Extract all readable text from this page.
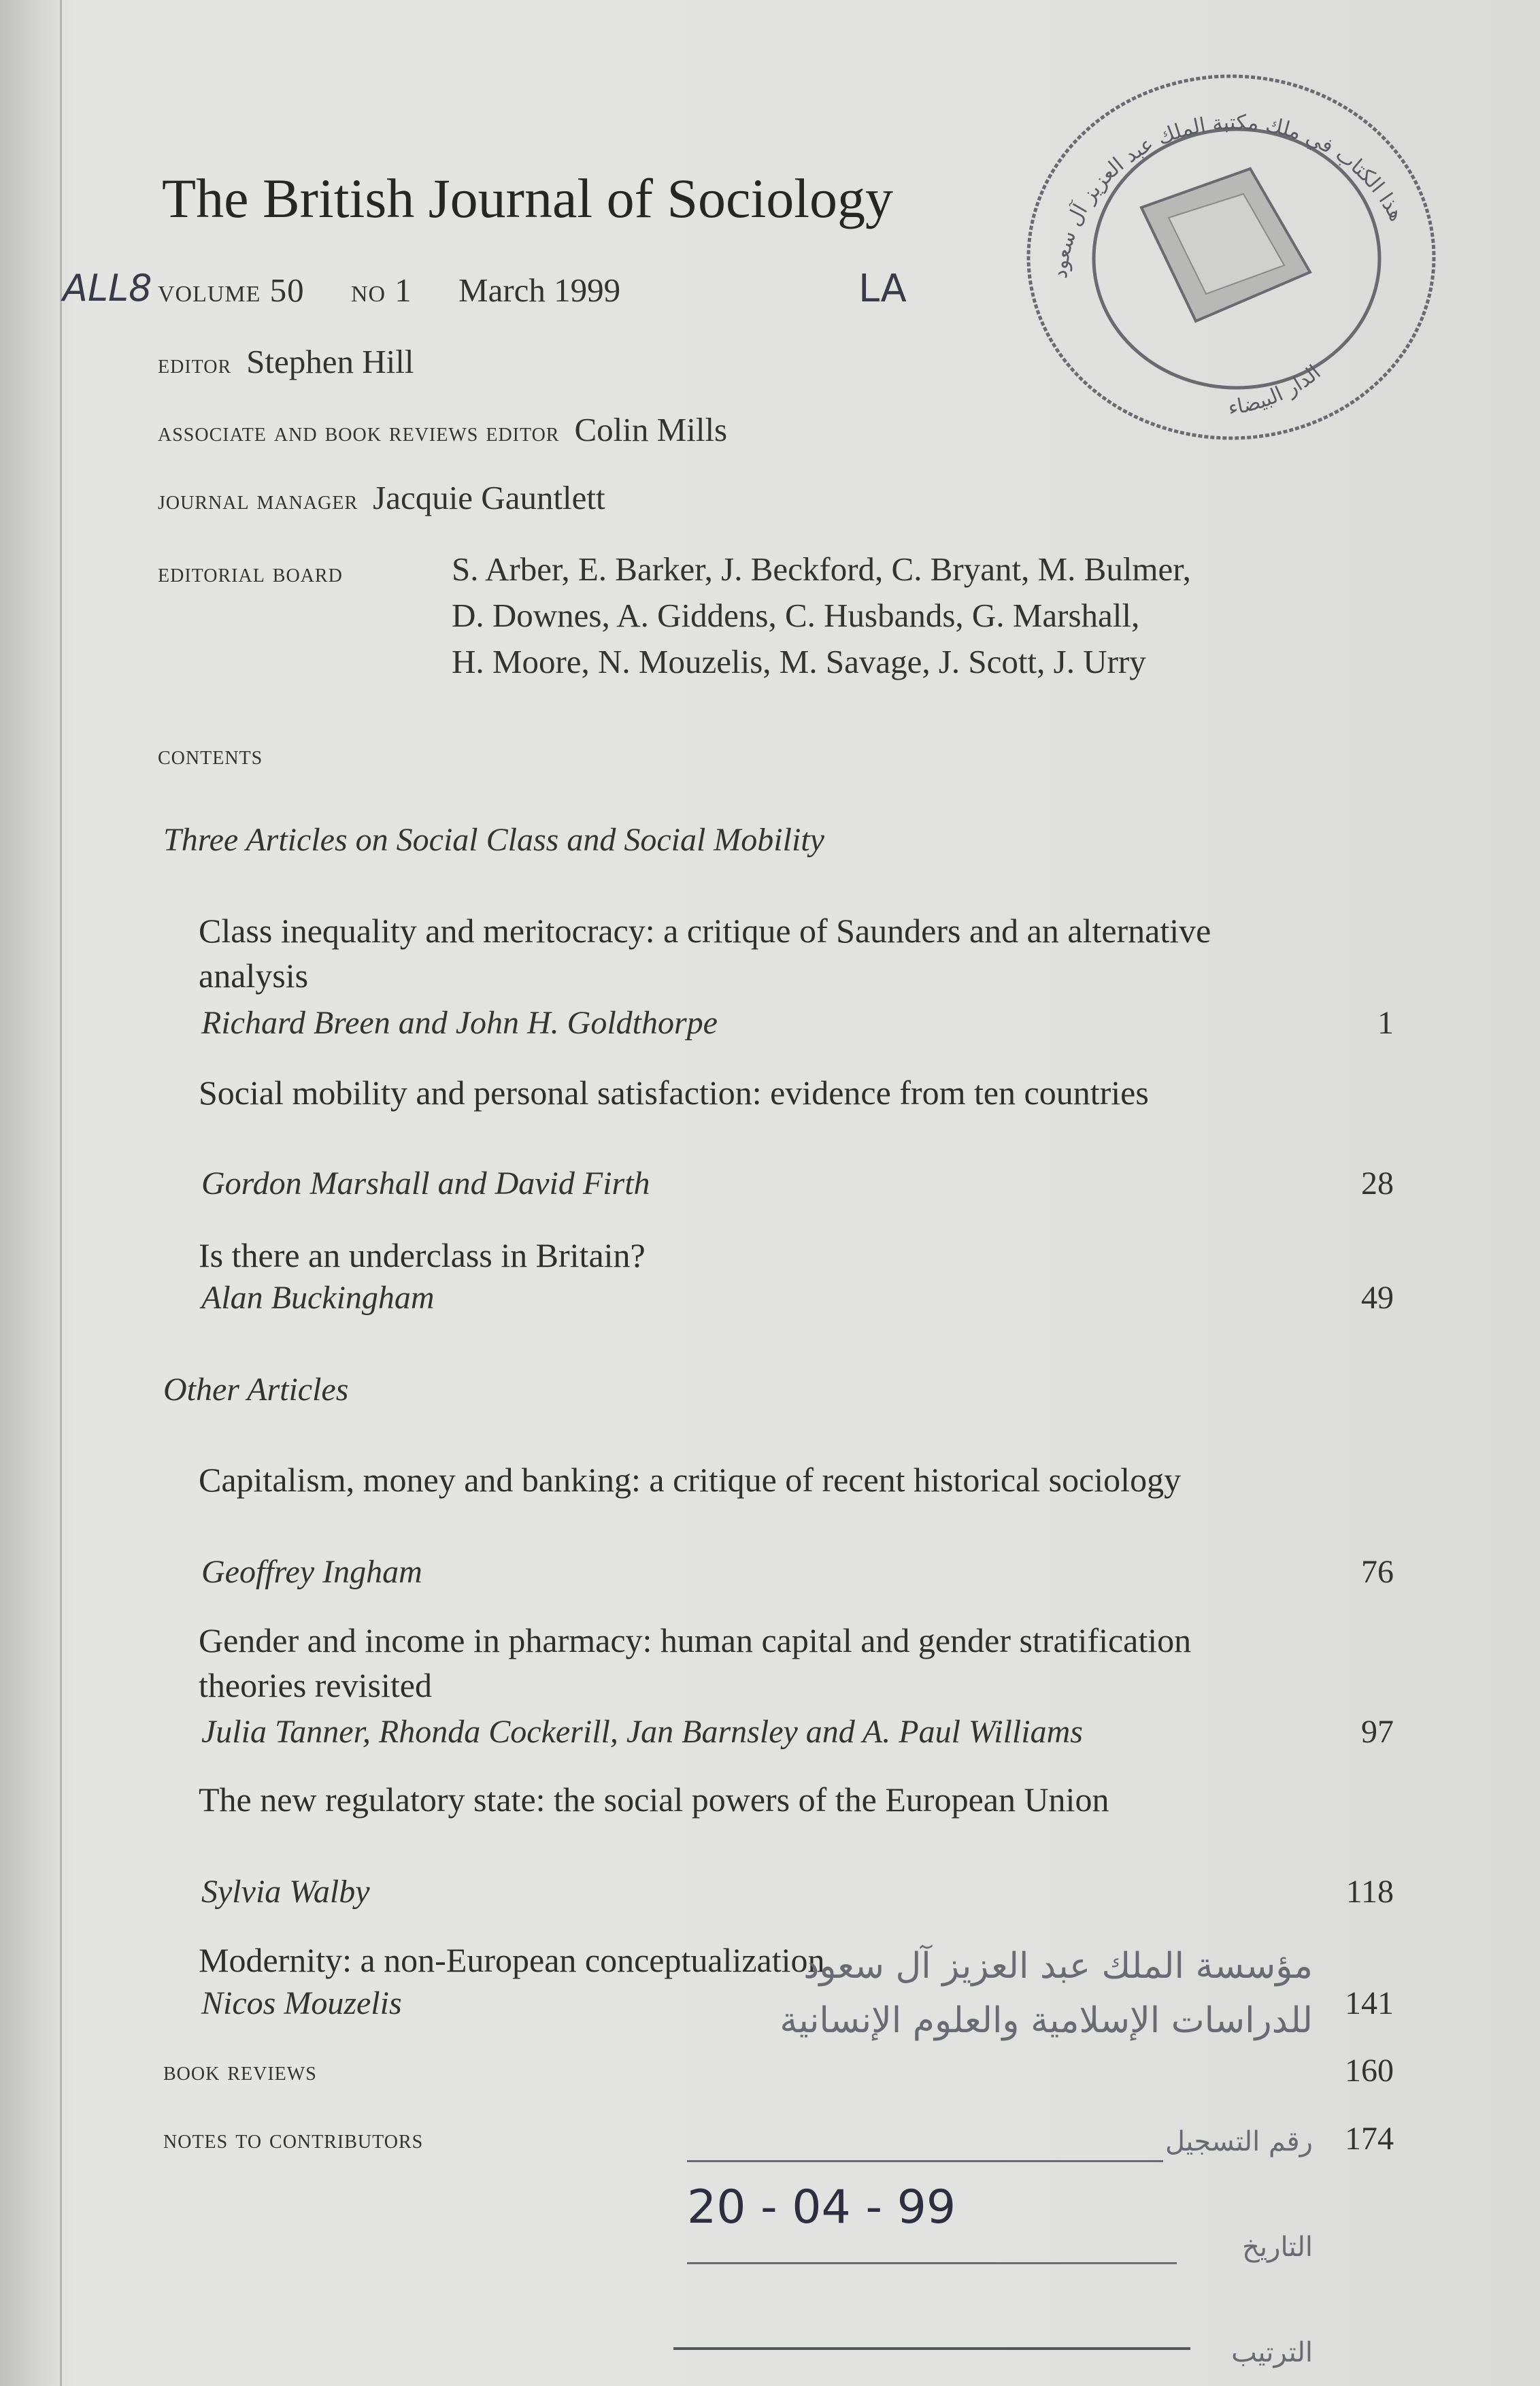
The British Journal of Sociology
ALL8 volume 50 no 1 March 1999	LA
editor Stephen Hill
associate and book reviews editor Colin Mills
journal manager Jacquie Gauntlett
editorial board	S. Arber, E. Barker, J. Beckford, C. Bryant, M. Bulmer,
D. Downes, A. Giddens, C. Husbands, G. Marshall,
H. Moore, N. Mouzelis, M. Savage, J. Scott, J. Urry
contents
Three Articles on Social Class and Social Mobility
Class inequality and meritocracy: a critique of Saunders and an alternative analysis
Richard Breen and John H. Goldthorpe	1
Social mobility and personal satisfaction: evidence from ten countries
Gordon Marshall and David Firth	28
Is there an underclass in Britain?
Alan Buckingham	49
Other Articles
Capitalism, money and banking: a critique of recent historical sociology
Geoffrey Ingham	76
Gender and income in pharmacy: human capital and gender stratification theories revisited
Julia Tanner, Rhonda Cockerill, Jan Barnsley and A. Paul Williams	97
The new regulatory state: the social powers of the European Union
Sylvia Walby	118
Modernity: a non-European conceptualization
Nicos Mouzelis	141
book reviews	160
notes to contributors	174
هذا الكتاب في ملك مكتبة الملك عبد العزيز آل سعود
الدار البيضاء
مؤسسة الملك عبد العزيز آل سعود
للدراسات الإسلامية والعلوم الإنسانية
رقم التسجيل
20 - 04 - 99
التاريخ
الترتيب
